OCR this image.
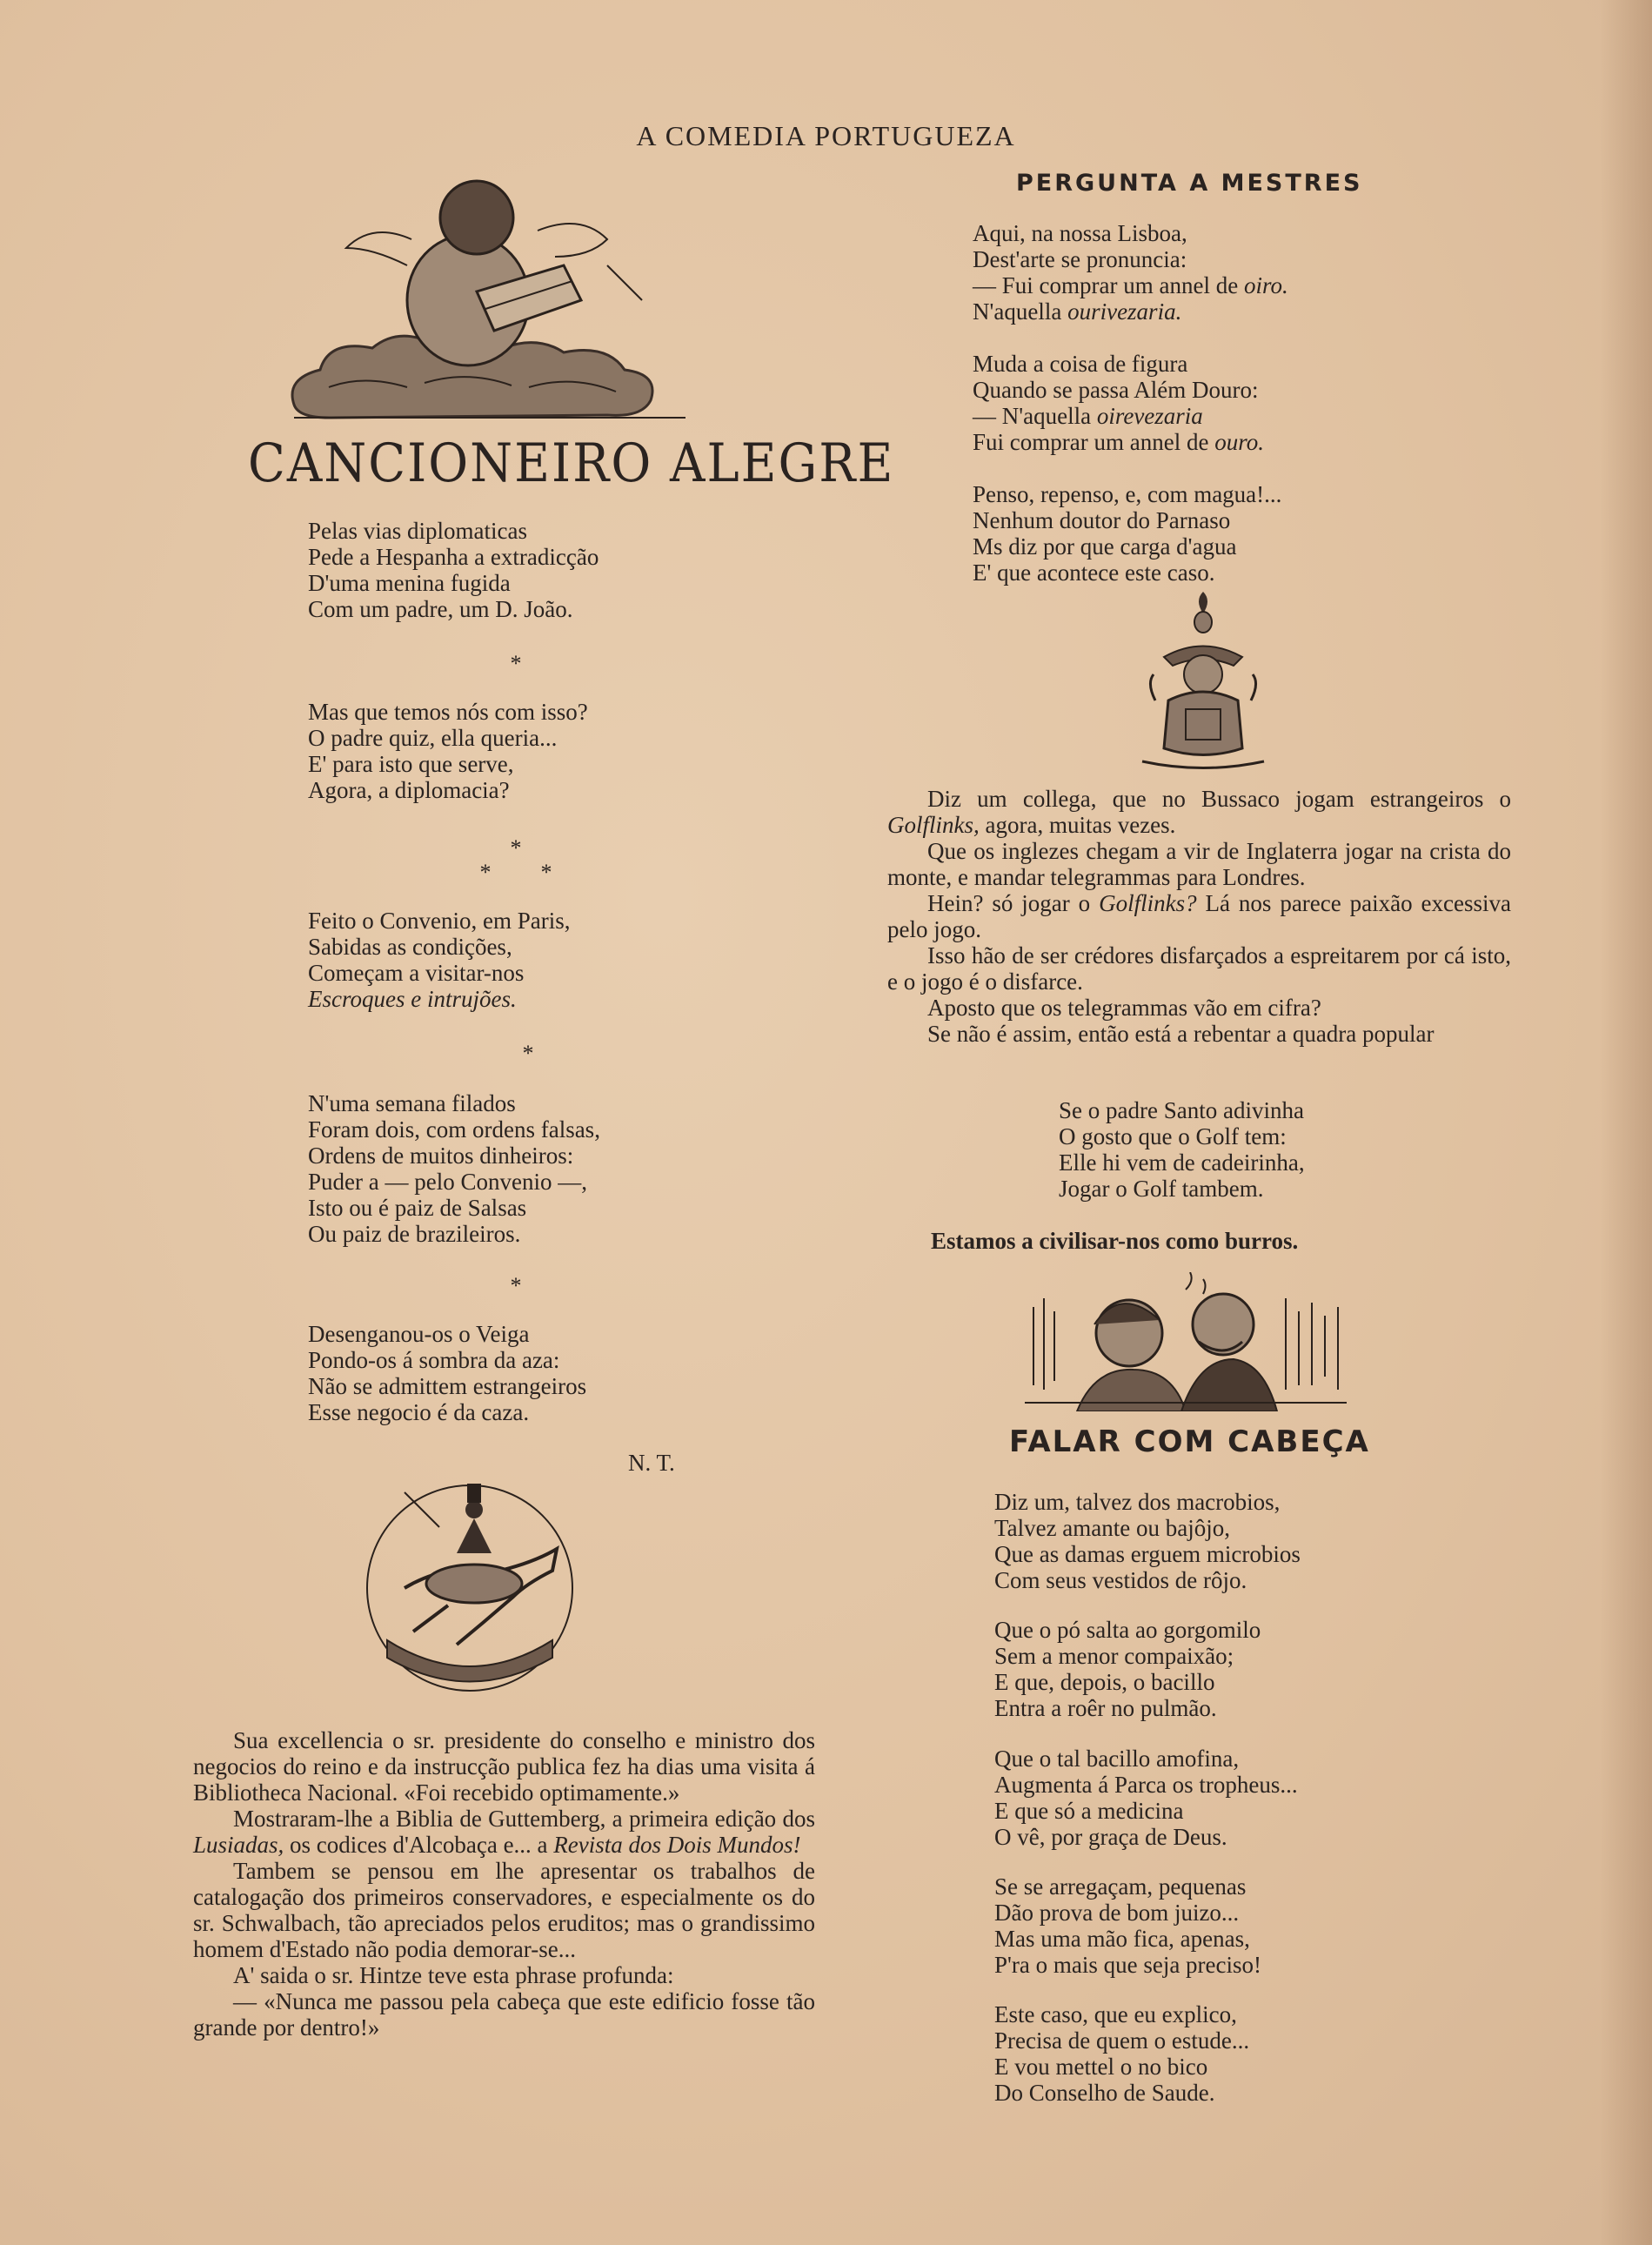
A COMEDIA PORTUGUEZA
CANCIONEIRO ALEGRE
Pelas vias diplomaticas
Pede a Hespanha a extradicção
D'uma menina fugida
Com um padre, um D. João.
*
Mas que temos nós com isso?
O padre quiz, ella queria...
E' para isto que serve,
Agora, a diplomacia?
*
*	*
Feito o Convenio, em Paris,
Sabidas as condições,
Começam a visitar-nos
Escroques e intrujões.
*
N'uma semana filados
Foram dois, com ordens falsas,
Ordens de muitos dinheiros:
Puder a — pelo Convenio —,
Isto ou é paiz de Salsas
Ou paiz de brazileiros.
*
Desenganou-os o Veiga
Pondo-os á sombra da aza:
Não se admittem estrangeiros
Esse negocio é da caza.
N. T.

Sua excellencia o sr. presidente do conselho e ministro dos negocios do reino e da instrucção publica fez ha dias uma visita á Bibliotheca Nacional. «Foi recebido optimamente.»

Mostraram-lhe a Biblia de Guttemberg, a primeira edição dos Lusiadas, os codices d'Alcobaça e... a Revista dos Dois Mundos!

Tambem se pensou em lhe apresentar os trabalhos de catalogação dos primeiros conservadores, e especialmente os do sr. Schwalbach, tão apreciados pelos eruditos; mas o grandissimo homem d'Estado não podia demorar-se...

A' saida o sr. Hintze teve esta phrase profunda:

— «Nunca me passou pela cabeça que este edificio fosse tão grande por dentro!»

PERGUNTA A MESTRES
Aqui, na nossa Lisboa,
Dest'arte se pronuncia:
— Fui comprar um annel de oiro.
N'aquella ourivezaria.
Muda a coisa de figura
Quando se passa Além Douro:
— N'aquella oirevezaria
Fui comprar um annel de ouro.
Penso, repenso, e, com magua!...
Nenhum doutor do Parnaso
Ms diz por que carga d'agua
E' que acontece este caso.

Diz um collega, que no Bussaco jogam estrangeiros o Golflinks, agora, muitas vezes.

Que os inglezes chegam a vir de Inglaterra jogar na crista do monte, e mandar telegrammas para Londres.

Hein? só jogar o Golflinks? Lá nos parece paixão excessiva pelo jogo.

Isso hão de ser crédores disfarçados a espreitarem por cá isto, e o jogo é o disfarce.

Aposto que os telegrammas vão em cifra?

Se não é assim, então está a rebentar a quadra popular

Se o padre Santo adivinha
O gosto que o Golf tem:
Elle hi vem de cadeirinha,
Jogar o Golf tambem.
Estamos a civilisar-nos como burros.
FALAR COM CABEÇA
Diz um, talvez dos macrobios,
Talvez amante ou bajôjo,
Que as damas erguem microbios
Com seus vestidos de rôjo.
Que o pó salta ao gorgomilo
Sem a menor compaixão;
E que, depois, o bacillo
Entra a roêr no pulmão.
Que o tal bacillo amofina,
Augmenta á Parca os tropheus...
E que só a medicina
O vê, por graça de Deus.
Se se arregaçam, pequenas
Dão prova de bom juizo...
Mas uma mão fica, apenas,
P'ra o mais que seja preciso!
Este caso, que eu explico,
Precisa de quem o estude...
E vou mettel o no bico
Do Conselho de Saude.
